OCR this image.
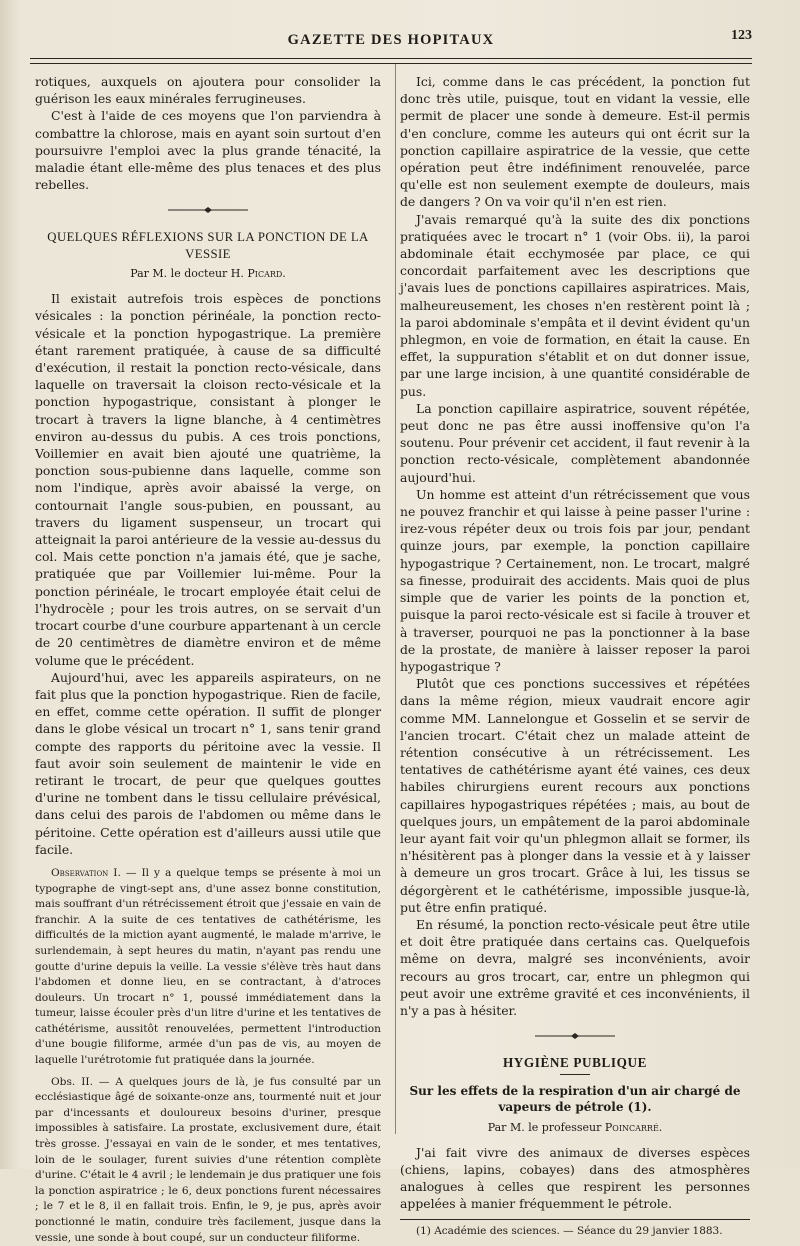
GAZETTE DES HOPITAUX	123

rotiques, auxquels on ajoutera pour consolider la guérison les eaux minérales ferrugineuses.

C'est à l'aide de ces moyens que l'on parviendra à combattre la chlorose, mais en ayant soin surtout d'en poursuivre l'emploi avec la plus grande ténacité, la maladie étant elle-même des plus tenaces et des plus rebelles.

QUELQUES RÉFLEXIONS SUR LA PONCTION DE LA VESSIE
Par M. le docteur H. Picard.

Il existait autrefois trois espèces de ponctions vésicales : la ponction périnéale, la ponction recto-vésicale et la ponction hypogastrique. La première étant rarement pratiquée, à cause de sa difficulté d'exécution, il restait la ponction recto-vésicale, dans laquelle on traversait la cloison recto-vésicale et la ponction hypogastrique, consistant à plonger le trocart à travers la ligne blanche, à 4 centimètres environ au-dessus du pubis. A ces trois ponctions, Voillemier en avait bien ajouté une quatrième, la ponction sous-pubienne dans laquelle, comme son nom l'indique, après avoir abaissé la verge, on contournait l'angle sous-pubien, en poussant, au travers du ligament suspenseur, un trocart qui atteignait la paroi antérieure de la vessie au-dessus du col. Mais cette ponction n'a jamais été, que je sache, pratiquée que par Voillemier lui-même. Pour la ponction périnéale, le trocart employée était celui de l'hydrocèle ; pour les trois autres, on se servait d'un trocart courbe d'une courbure appartenant à un cercle de 20 centimètres de diamètre environ et de même volume que le précédent.

Aujourd'hui, avec les appareils aspirateurs, on ne fait plus que la ponction hypogastrique. Rien de facile, en effet, comme cette opération. Il suffit de plonger dans le globe vésical un trocart n° 1, sans tenir grand compte des rapports du péritoine avec la vessie. Il faut avoir soin seulement de maintenir le vide en retirant le trocart, de peur que quelques gouttes d'urine ne tombent dans le tissu cellulaire prévésical, dans celui des parois de l'abdomen ou même dans le péritoine. Cette opération est d'ailleurs aussi utile que facile.

Observation I. — Il y a quelque temps se présente à moi un typographe de vingt-sept ans, d'une assez bonne constitution, mais souffrant d'un rétrécissement étroit que j'essaie en vain de franchir. A la suite de ces tentatives de cathétérisme, les difficultés de la miction ayant augmenté, le malade m'arrive, le surlendemain, à sept heures du matin, n'ayant pas rendu une goutte d'urine depuis la veille. La vessie s'élève très haut dans l'abdomen et donne lieu, en se contractant, à d'atroces douleurs. Un trocart n° 1, poussé immédiatement dans la tumeur, laisse écouler près d'un litre d'urine et les tentatives de cathétérisme, aussitôt renouvelées, permettent l'introduction d'une bougie filiforme, armée d'un pas de vis, au moyen de laquelle l'urétrotomie fut pratiquée dans la journée.

Obs. II. — A quelques jours de là, je fus consulté par un ecclésiastique âgé de soixante-onze ans, tourmenté nuit et jour par d'incessants et douloureux besoins d'uriner, presque impossibles à satisfaire. La prostate, exclusivement dure, était très grosse. J'essayai en vain de le sonder, et mes tentatives, loin de le soulager, furent suivies d'une rétention complète d'urine. C'était le 4 avril ; le lendemain je dus pratiquer une fois la ponction aspiratrice ; le 6, deux ponctions furent nécessaires ; le 7 et le 8, il en fallait trois. Enfin, le 9, je pus, après avoir ponctionné le matin, conduire très facilement, jusque dans la vessie, une sonde à bout coupé, sur un conducteur filiforme.

Ici, comme dans le cas précédent, la ponction fut donc très utile, puisque, tout en vidant la vessie, elle permit de placer une sonde à demeure. Est-il permis d'en conclure, comme les auteurs qui ont écrit sur la ponction capillaire aspiratrice de la vessie, que cette opération peut être indéfiniment renouvelée, parce qu'elle est non seulement exempte de douleurs, mais de dangers ? On va voir qu'il n'en est rien.

J'avais remarqué qu'à la suite des dix ponctions pratiquées avec le trocart n° 1 (voir Obs. ii), la paroi abdominale était ecchymosée par place, ce qui concordait parfaitement avec les descriptions que j'avais lues de ponctions capillaires aspiratrices. Mais, malheureusement, les choses n'en restèrent point là ; la paroi abdominale s'empâta et il devint évident qu'un phlegmon, en voie de formation, en était la cause. En effet, la suppuration s'établit et on dut donner issue, par une large incision, à une quantité considérable de pus.

La ponction capillaire aspiratrice, souvent répétée, peut donc ne pas être aussi inoffensive qu'on l'a soutenu. Pour prévenir cet accident, il faut revenir à la ponction recto-vésicale, complètement abandonnée aujourd'hui.

Un homme est atteint d'un rétrécissement que vous ne pouvez franchir et qui laisse à peine passer l'urine : irez-vous répéter deux ou trois fois par jour, pendant quinze jours, par exemple, la ponction capillaire hypogastrique ? Certainement, non. Le trocart, malgré sa finesse, produirait des accidents. Mais quoi de plus simple que de varier les points de la ponction et, puisque la paroi recto-vésicale est si facile à trouver et à traverser, pourquoi ne pas la ponctionner à la base de la prostate, de manière à laisser reposer la paroi hypogastrique ?

Plutôt que ces ponctions successives et répétées dans la même région, mieux vaudrait encore agir comme MM. Lannelongue et Gosselin et se servir de l'ancien trocart. C'était chez un malade atteint de rétention consécutive à un rétrécissement. Les tentatives de cathétérisme ayant été vaines, ces deux habiles chirurgiens eurent recours aux ponctions capillaires hypogastriques répétées ; mais, au bout de quelques jours, un empâtement de la paroi abdominale leur ayant fait voir qu'un phlegmon allait se former, ils n'hésitèrent pas à plonger dans la vessie et à y laisser à demeure un gros trocart. Grâce à lui, les tissus se dégorgèrent et le cathétérisme, impossible jusque-là, put être enfin pratiqué.

En résumé, la ponction recto-vésicale peut être utile et doit être pratiquée dans certains cas. Quelquefois même on devra, malgré ses inconvénients, avoir recours au gros trocart, car, entre un phlegmon qui peut avoir une extrême gravité et ces inconvénients, il n'y a pas à hésiter.

HYGIÈNE PUBLIQUE
Sur les effets de la respiration d'un air chargé de vapeurs de pétrole (1).
Par M. le professeur Poincarré.

J'ai fait vivre des animaux de diverses espèces (chiens, lapins, cobayes) dans des atmosphères analogues à celles que respirent les personnes appelées à manier fréquemment le pétrole.

(1) Académie des sciences. — Séance du 29 janvier 1883.
